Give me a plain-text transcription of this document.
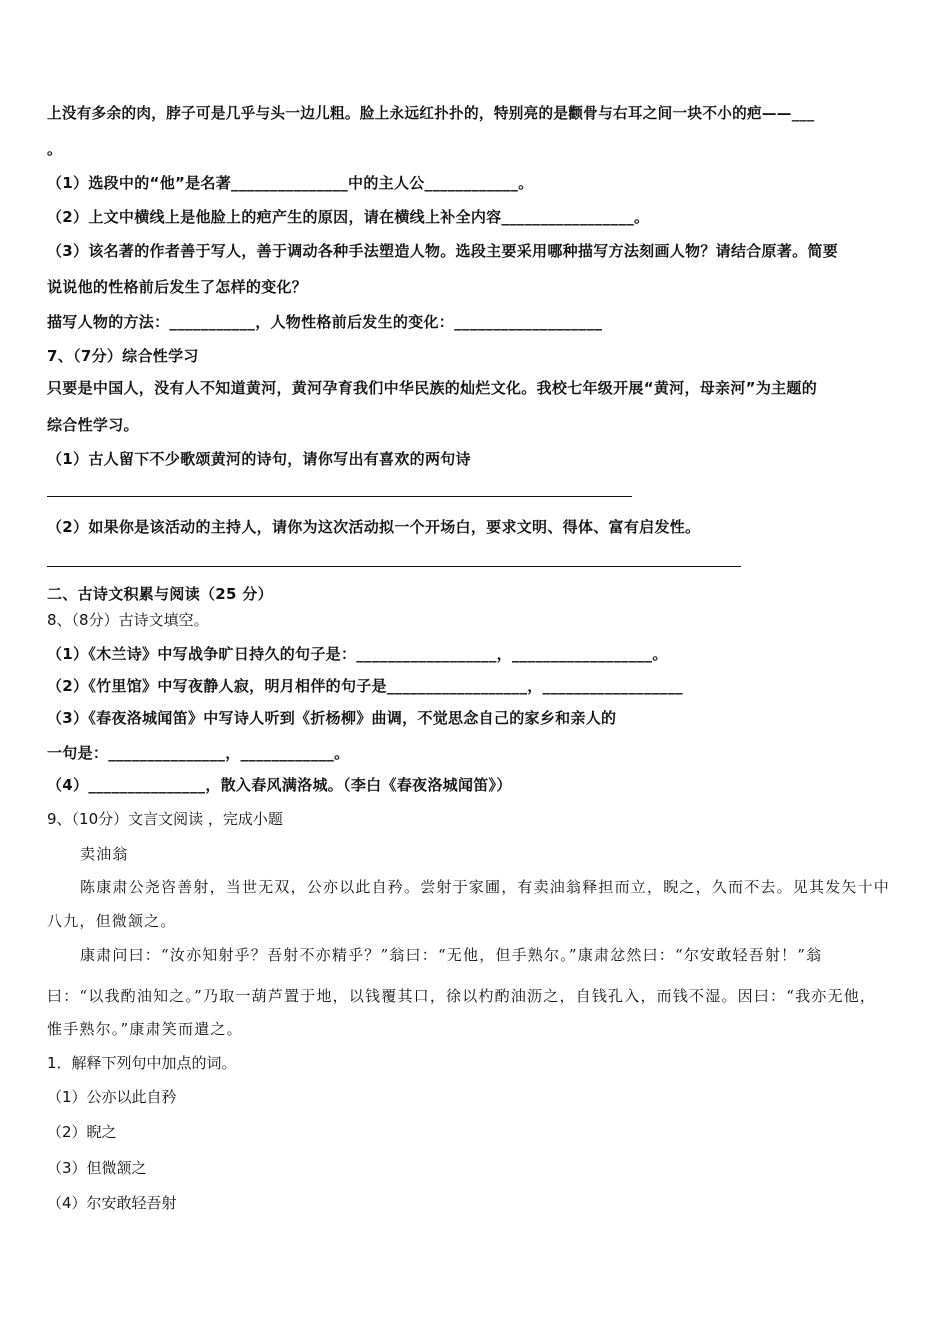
上没有多余的肉，脖子可是几乎与头一边儿粗。脸上永远红扑扑的，特别亮的是颧骨与右耳之间一块不小的疤——___
。
（1）选段中的“他”是名著_______________中的主人公____________。
（2）上文中横线上是他脸上的疤产生的原因，请在横线上补全内容_________________。
（3）该名著的作者善于写人，善于调动各种手法塑造人物。选段主要采用哪种描写方法刻画人物？请结合原著。简要
说说他的性格前后发生了怎样的变化？
描写人物的方法：___________，人物性格前后发生的变化：___________________
7、（7分）综合性学习
只要是中国人，没有人不知道黄河，黄河孕育我们中华民族的灿烂文化。我校七年级开展“黄河，母亲河”为主题的
综合性学习。
（1）古人留下不少歌颂黄河的诗句，请你写出有喜欢的两句诗
（2）如果你是该活动的主持人，请你为这次活动拟一个开场白，要求文明、得体、富有启发性。
二、古诗文积累与阅读（25 分）
8、（8分）古诗文填空。
（1）《木兰诗》中写战争旷日持久的句子是：__________________，__________________。
（2）《竹里馆》中写夜静人寂，明月相伴的句子是__________________，__________________
（3）《春夜洛城闻笛》中写诗人听到《折杨柳》曲调，不觉思念自己的家乡和亲人的
一句是：_______________，____________。
（4）_______________，散入春风满洛城。（李白《春夜洛城闻笛》）
9、（10分）文言文阅读 ，完成小题
卖油翁
陈康肃公尧咨善射，当世无双，公亦以此自矜。尝射于家圃，有卖油翁释担而立，睨之，久而不去。见其发矢十中
八九，但微颔之。
康肃问曰：“汝亦知射乎？吾射不亦精乎？”翁曰：“无他，但手熟尔。”康肃忿然曰：“尔安敢轻吾射！”翁
曰：“以我酌油知之。”乃取一葫芦置于地，以钱覆其口，徐以杓酌油沥之，自钱孔入，而钱不湿。因曰：“我亦无他，
惟手熟尔。”康肃笑而遣之。
1．解释下列句中加点的词。
（1）公亦以此自矜
（2）睨之
（3）但微颔之
（4）尔安敢轻吾射
